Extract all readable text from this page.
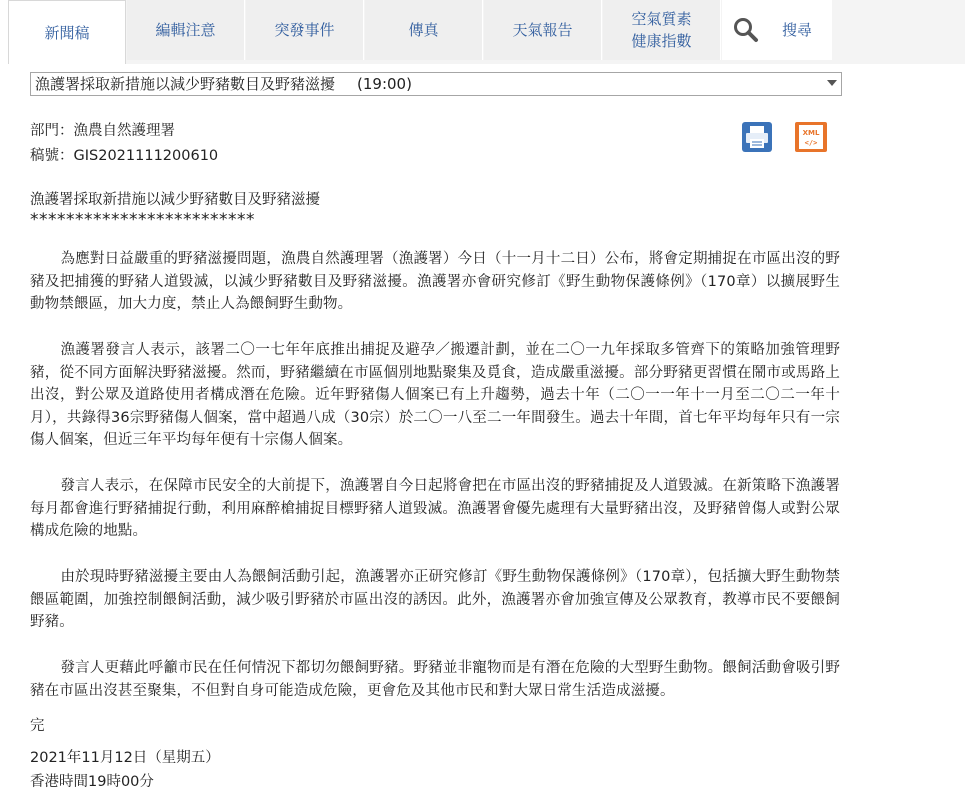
新聞稿	編輯注意	突發事件	傳真	天氣報告
空氣質素
健康指數
搜尋
漁護署採取新措施以減少野豬數目及野豬滋擾 (19:00)
部門：漁農自然護理署
稿號：GIS2021111200610
XML
</>
漁護署採取新措施以減少野豬數目及野豬滋擾
*************************
為應對日益嚴重的野豬滋擾問題，漁農自然護理署（漁護署）今日（十一月十二日）公布，將會定期捕捉在市區出沒的野豬及把捕獲的野豬人道毀滅，以減少野豬數目及野豬滋擾。漁護署亦會研究修訂《野生動物保護條例》（170章）以擴展野生動物禁餵區，加大力度，禁止人為餵飼野生動物。
漁護署發言人表示，該署二〇一七年年底推出捕捉及避孕／搬遷計劃，並在二〇一九年採取多管齊下的策略加強管理野豬，從不同方面解決野豬滋擾。然而，野豬繼續在市區個別地點聚集及覓食，造成嚴重滋擾。部分野豬更習慣在鬧市或馬路上出沒，對公眾及道路使用者構成潛在危險。近年野豬傷人個案已有上升趨勢，過去十年（二〇一一年十一月至二〇二一年十月），共錄得36宗野豬傷人個案，當中超過八成（30宗）於二〇一八至二一年間發生。過去十年間，首七年平均每年只有一宗傷人個案，但近三年平均每年便有十宗傷人個案。
發言人表示，在保障市民安全的大前提下，漁護署自今日起將會把在市區出沒的野豬捕捉及人道毀滅。在新策略下漁護署每月都會進行野豬捕捉行動，利用麻醉槍捕捉目標野豬人道毀滅。漁護署會優先處理有大量野豬出沒，及野豬曾傷人或對公眾構成危險的地點。
由於現時野豬滋擾主要由人為餵飼活動引起，漁護署亦正研究修訂《野生動物保護條例》（170章），包括擴大野生動物禁餵區範圍，加強控制餵飼活動，減少吸引野豬於市區出沒的誘因。此外，漁護署亦會加強宣傳及公眾教育，教導市民不要餵飼野豬。
發言人更藉此呼籲市民在任何情況下都切勿餵飼野豬。野豬並非寵物而是有潛在危險的大型野生動物。餵飼活動會吸引野豬在市區出沒甚至聚集，不但對自身可能造成危險，更會危及其他市民和對大眾日常生活造成滋擾。
完
2021年11月12日（星期五）
香港時間19時00分
